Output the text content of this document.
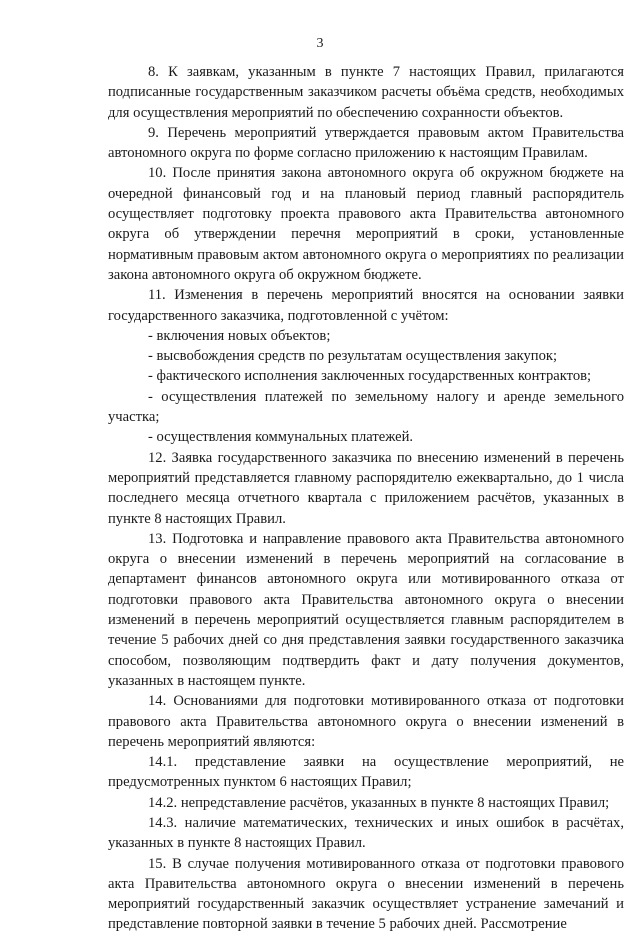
3

8. К заявкам, указанным в пункте 7 настоящих Правил, прилагаются подписанные государственным заказчиком расчеты объёма средств, необходимых для осуществления мероприятий по обеспечению сохранности объектов.

9. Перечень мероприятий утверждается правовым актом Правительства автономного округа по форме согласно приложению к настоящим Правилам.

10. После принятия закона автономного округа об окружном бюджете на очередной финансовый год и на плановый период главный распорядитель осуществляет подготовку проекта правового акта Правительства автономного округа об утверждении перечня мероприятий в сроки, установленные нормативным правовым актом автономного округа о мероприятиях по реализации закона автономного округа об окружном бюджете.

11. Изменения в перечень мероприятий вносятся на основании заявки государственного заказчика, подготовленной с учётом:

- включения новых объектов;

- высвобождения средств по результатам осуществления закупок;

- фактического исполнения заключенных государственных контрактов;

- осуществления платежей по земельному налогу и аренде земельного участка;

- осуществления коммунальных платежей.

12. Заявка государственного заказчика по внесению изменений в перечень мероприятий представляется главному распорядителю ежеквартально, до 1 числа последнего месяца отчетного квартала с приложением расчётов, указанных в пункте 8 настоящих Правил.

13. Подготовка и направление правового акта Правительства автономного округа о внесении изменений в перечень мероприятий на согласование в департамент финансов автономного округа или мотивированного отказа от подготовки правового акта Правительства автономного округа о внесении изменений в перечень мероприятий осуществляется главным распорядителем в течение 5 рабочих дней со дня представления заявки государственного заказчика способом, позволяющим подтвердить факт и дату получения документов, указанных в настоящем пункте.

14. Основаниями для подготовки мотивированного отказа от подготовки правового акта Правительства автономного округа о внесении изменений в перечень мероприятий являются:

14.1. представление заявки на осуществление мероприятий, не предусмотренных пунктом 6 настоящих Правил;

14.2. непредставление расчётов, указанных в пункте 8 настоящих Правил;

14.3. наличие математических, технических и иных ошибок в расчётах, указанных в пункте 8 настоящих Правил.

15. В случае получения мотивированного отказа от подготовки правового акта Правительства автономного округа о внесении изменений в перечень мероприятий государственный заказчик осуществляет устранение замечаний и представление повторной заявки в течение 5 рабочих дней. Рассмотрение
